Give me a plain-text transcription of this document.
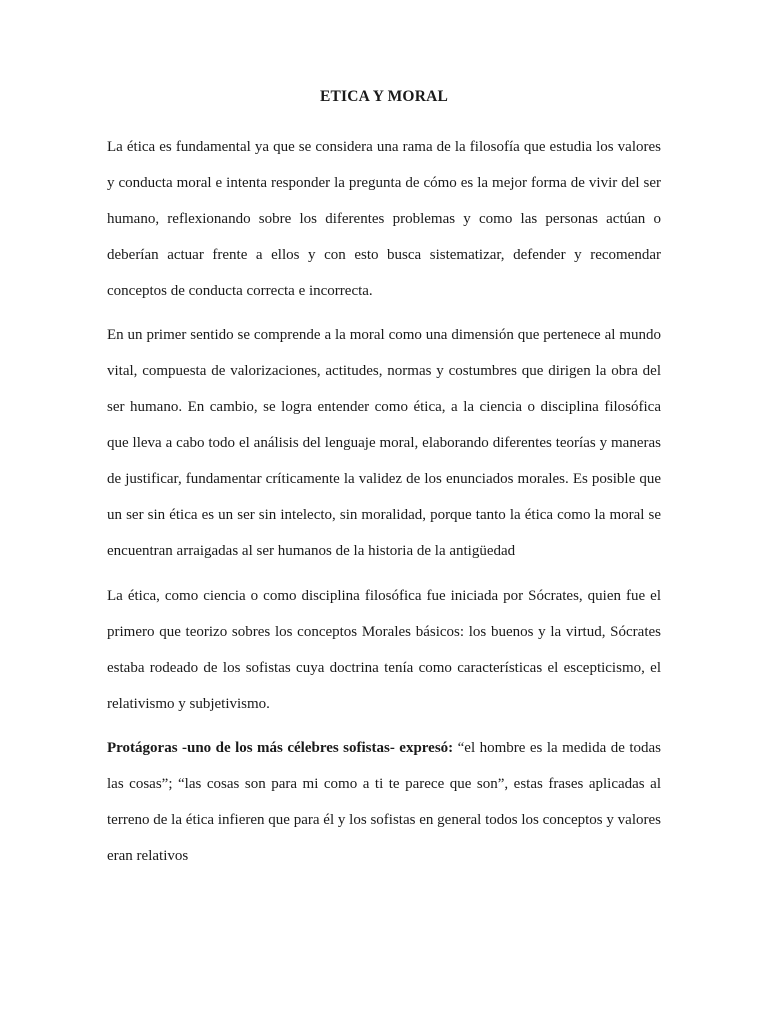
ETICA Y MORAL

La ética es fundamental ya que se considera una rama de la filosofía que estudia los valores y conducta moral e intenta responder la pregunta de cómo es la mejor forma de vivir del ser humano, reflexionando sobre los diferentes problemas y como las personas actúan o deberían actuar frente a ellos y con esto busca sistematizar, defender y recomendar conceptos de conducta correcta e incorrecta.

En un primer sentido se comprende a la moral como una dimensión que pertenece al mundo vital, compuesta de valorizaciones, actitudes, normas y costumbres que dirigen la obra del ser humano. En cambio, se logra entender como ética, a la ciencia o disciplina filosófica que lleva a cabo todo el análisis del lenguaje moral, elaborando diferentes teorías y maneras de justificar, fundamentar críticamente la validez de los enunciados morales. Es posible que un ser sin ética es un ser sin intelecto, sin moralidad, porque tanto la ética como la moral se encuentran arraigadas al ser humanos de la historia de la antigüedad

La ética, como ciencia o como disciplina filosófica fue iniciada por Sócrates, quien fue el primero que teorizo sobres los conceptos Morales básicos: los buenos y la virtud, Sócrates estaba rodeado de los sofistas cuya doctrina tenía como características el escepticismo, el relativismo y subjetivismo.

Protágoras -uno de los más célebres sofistas- expresó: “el hombre es la medida de todas las cosas”; “las cosas son para mi como a ti te parece que son”, estas frases aplicadas al terreno de la ética infieren que para él y los sofistas en general todos los conceptos y valores eran relativos
